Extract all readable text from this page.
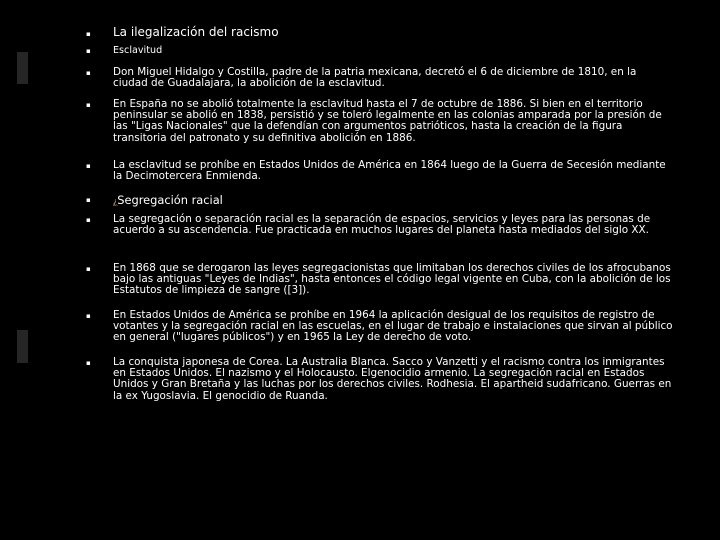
▪ La ilegalización del racismo
▪ Esclavitud
▪ Don Miguel Hidalgo y Costilla, padre de la patria mexicana, decretó el 6 de diciembre de 1810, en la ciudad de Guadalajara, la abolición de la esclavitud.
▪ En España no se abolió totalmente la esclavitud hasta el 7 de octubre de 1886. Si bien en el territorio peninsular se abolió en 1838, persistió y se toleró legalmente en las colonias amparada por la presión de las "Ligas Nacionales" que la defendían con argumentos patrióticos, hasta la creación de la figura transitoria del patronato y su definitiva abolición en 1886.
▪ La esclavitud se prohíbe en Estados Unidos de América en 1864 luego de la Guerra de Secesión mediante la Decimotercera Enmienda.
▪	¿Segregación racial
▪ La segregación o separación racial es la separación de espacios, servicios y leyes para las personas de acuerdo a su ascendencia. Fue practicada en muchos lugares del planeta hasta mediados del siglo XX.
▪ En 1868 que se derogaron las leyes segregacionistas que limitaban los derechos civiles de los afrocubanos bajo las antiguas "Leyes de Indias", hasta entonces el código legal vigente en Cuba, con la abolición de los Estatutos de limpieza de sangre ([3]).
▪ En Estados Unidos de América se prohíbe en 1964 la aplicación desigual de los requisitos de registro de votantes y la segregación racial en las escuelas, en el lugar de trabajo e instalaciones que sirvan al público en general ("lugares públicos") y en 1965 la Ley de derecho de voto.
▪ La conquista japonesa de Corea. La Australia Blanca. Sacco y Vanzetti y el racismo contra los inmigrantes en Estados Unidos. El nazismo y el Holocausto. Elgenocidio armenio. La segregación racial en Estados Unidos y Gran Bretaña y las luchas por los derechos civiles. Rodhesia. El apartheid sudafricano. Guerras en la ex Yugoslavia. El genocidio de Ruanda.
